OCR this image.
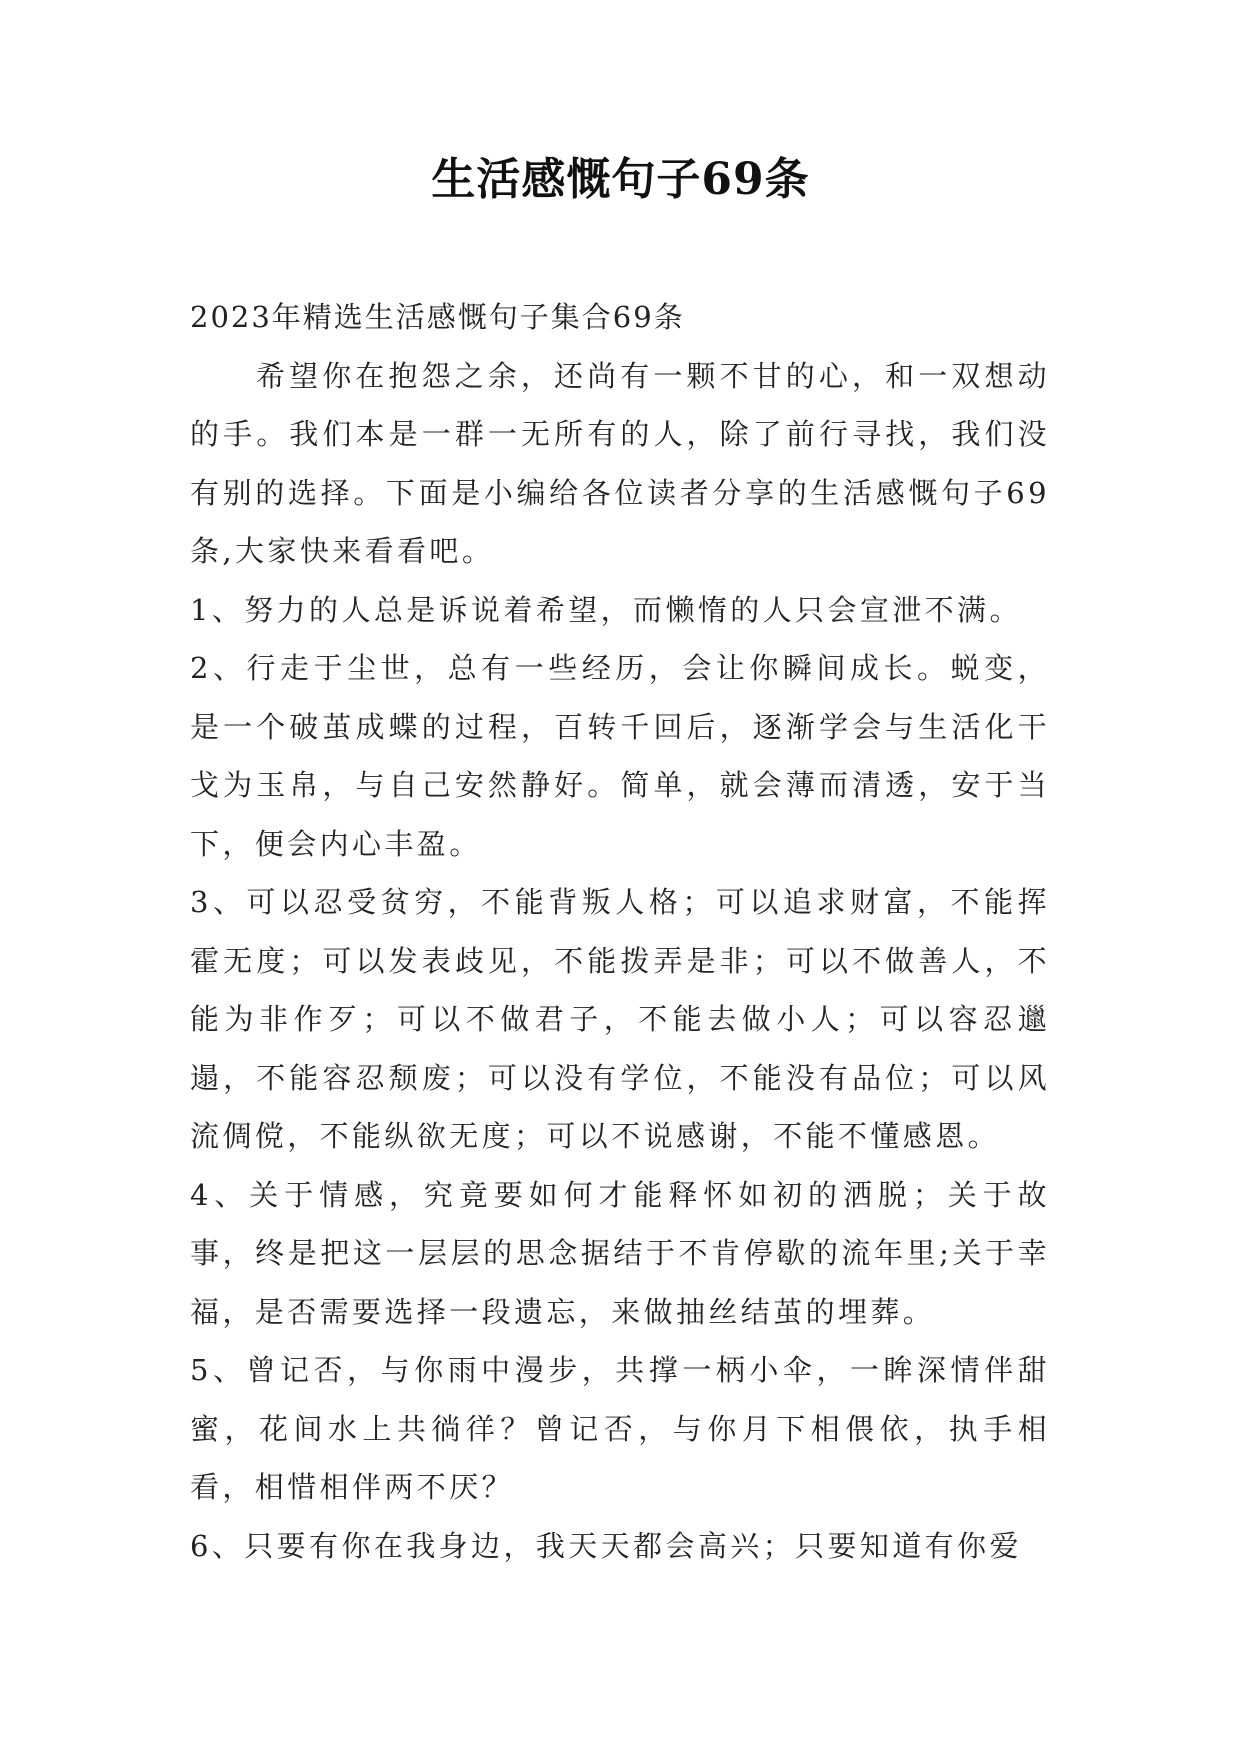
生活感慨句子69条

2023年精选生活感慨句子集合69条

希望你在抱怨之余，还尚有一颗不甘的心，和一双想动的手。我们本是一群一无所有的人，除了前行寻找，我们没有别的选择。下面是小编给各位读者分享的生活感慨句子69条,大家快来看看吧。

1、努力的人总是诉说着希望，而懒惰的人只会宣泄不满。

2、行走于尘世，总有一些经历，会让你瞬间成长。蜕变，是一个破茧成蝶的过程，百转千回后，逐渐学会与生活化干戈为玉帛，与自己安然静好。简单，就会薄而清透，安于当下，便会内心丰盈。

3、可以忍受贫穷，不能背叛人格；可以追求财富，不能挥霍无度；可以发表歧见，不能拨弄是非；可以不做善人，不能为非作歹；可以不做君子，不能去做小人；可以容忍邋遢，不能容忍颓废；可以没有学位，不能没有品位；可以风流倜傥，不能纵欲无度；可以不说感谢，不能不懂感恩。

4、关于情感，究竟要如何才能释怀如初的洒脱；关于故事，终是把这一层层的思念据结于不肯停歇的流年里;关于幸福，是否需要选择一段遗忘，来做抽丝结茧的埋葬。

5、曾记否，与你雨中漫步，共撑一柄小伞，一眸深情伴甜蜜，花间水上共徜徉？曾记否，与你月下相偎依，执手相看，相惜相伴两不厌？

6、只要有你在我身边，我天天都会高兴；只要知道有你爱
